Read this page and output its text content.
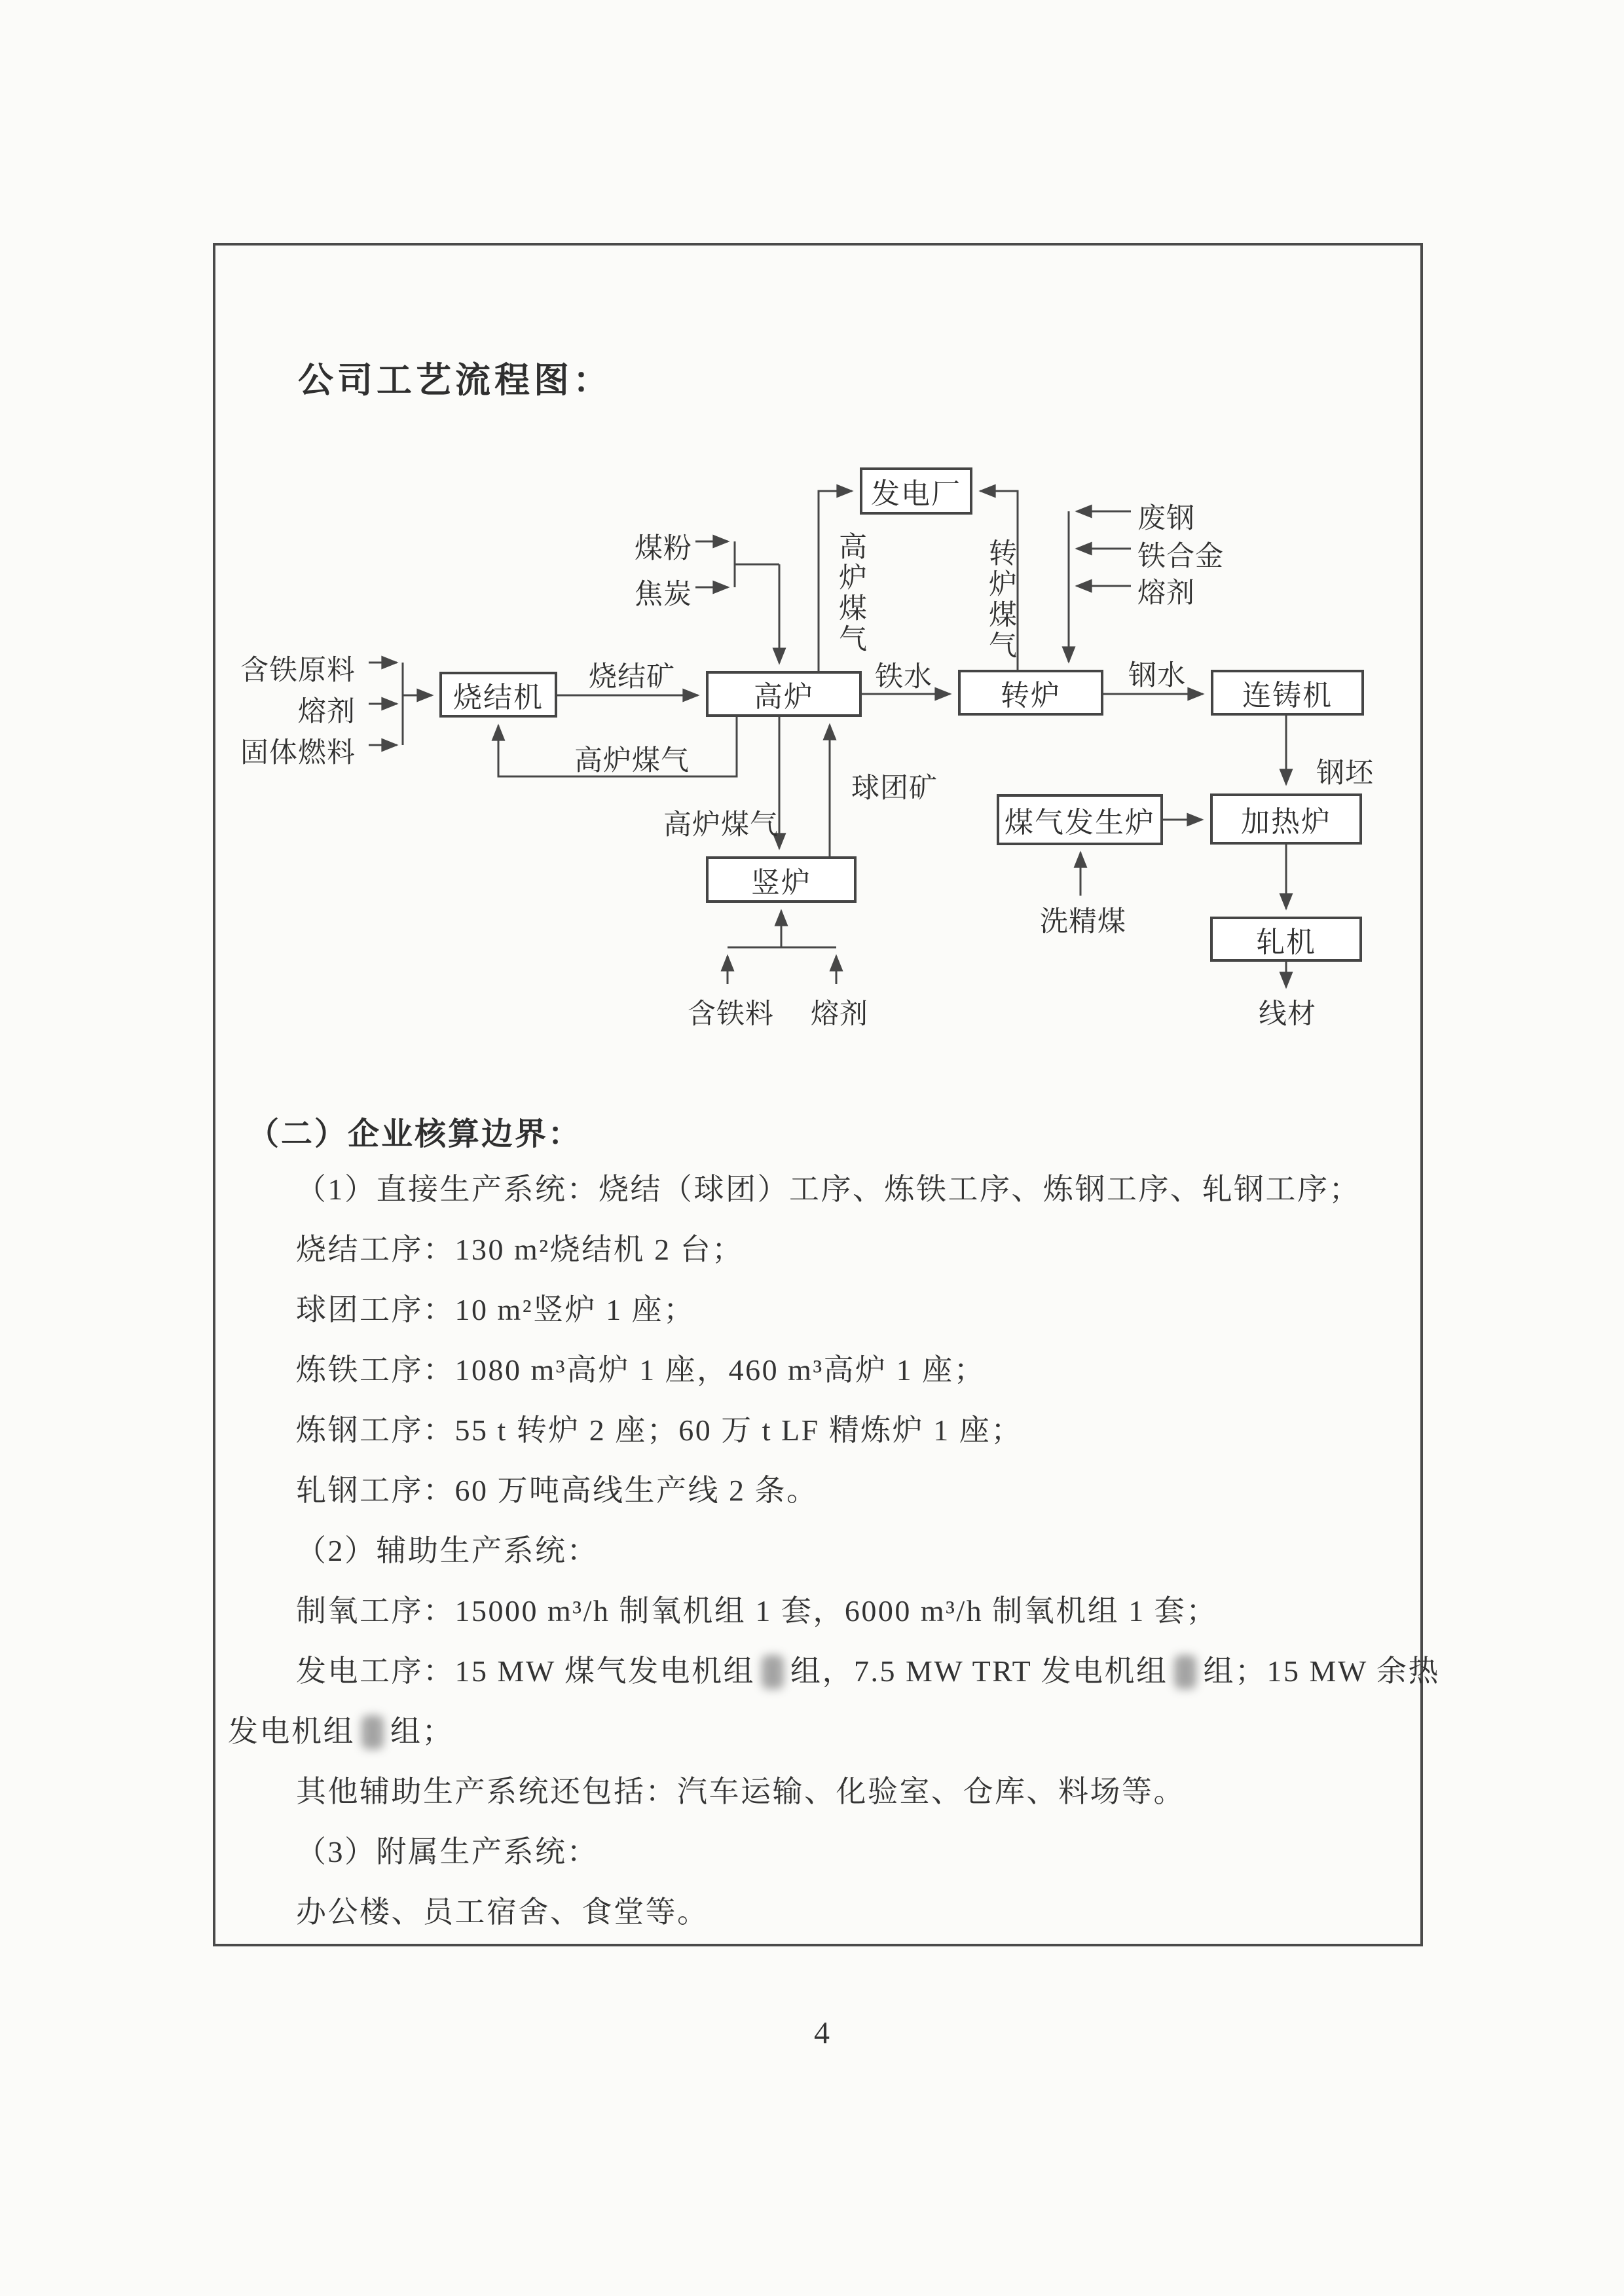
公司工艺流程图：
发电厂
烧结机	高炉	转炉	连铸机
煤气发生炉	加热炉
竖炉
轧机
煤粉
焦炭
废钢
铁合金
熔剂
含铁原料
熔剂
固体燃料
烧结矿	铁水	钢水
高炉煤气	转炉煤气
高炉煤气
高炉煤气
球团矿	钢坯
洗精煤
含铁料 熔剂	线材
（二）企业核算边界：
（1）直接生产系统：烧结（球团）工序、炼铁工序、炼钢工序、轧钢工序；
烧结工序：130 m²烧结机 2 台；
球团工序：10 m²竖炉 1 座；
炼铁工序：1080 m³高炉 1 座，460 m³高炉 1 座；
炼钢工序：55 t 转炉 2 座；60 万 t LF 精炼炉 1 座；
轧钢工序：60 万吨高线生产线 2 条。
（2）辅助生产系统：
制氧工序：15000 m³/h 制氧机组 1 套，6000 m³/h 制氧机组 1 套；
发电工序：15 MW 煤气发电机组 组，7.5 MW TRT 发电机组 组；15 MW 余热
发电机组 组；
其他辅助生产系统还包括：汽车运输、化验室、仓库、料场等。
（3）附属生产系统：
办公楼、员工宿舍、食堂等。
4
